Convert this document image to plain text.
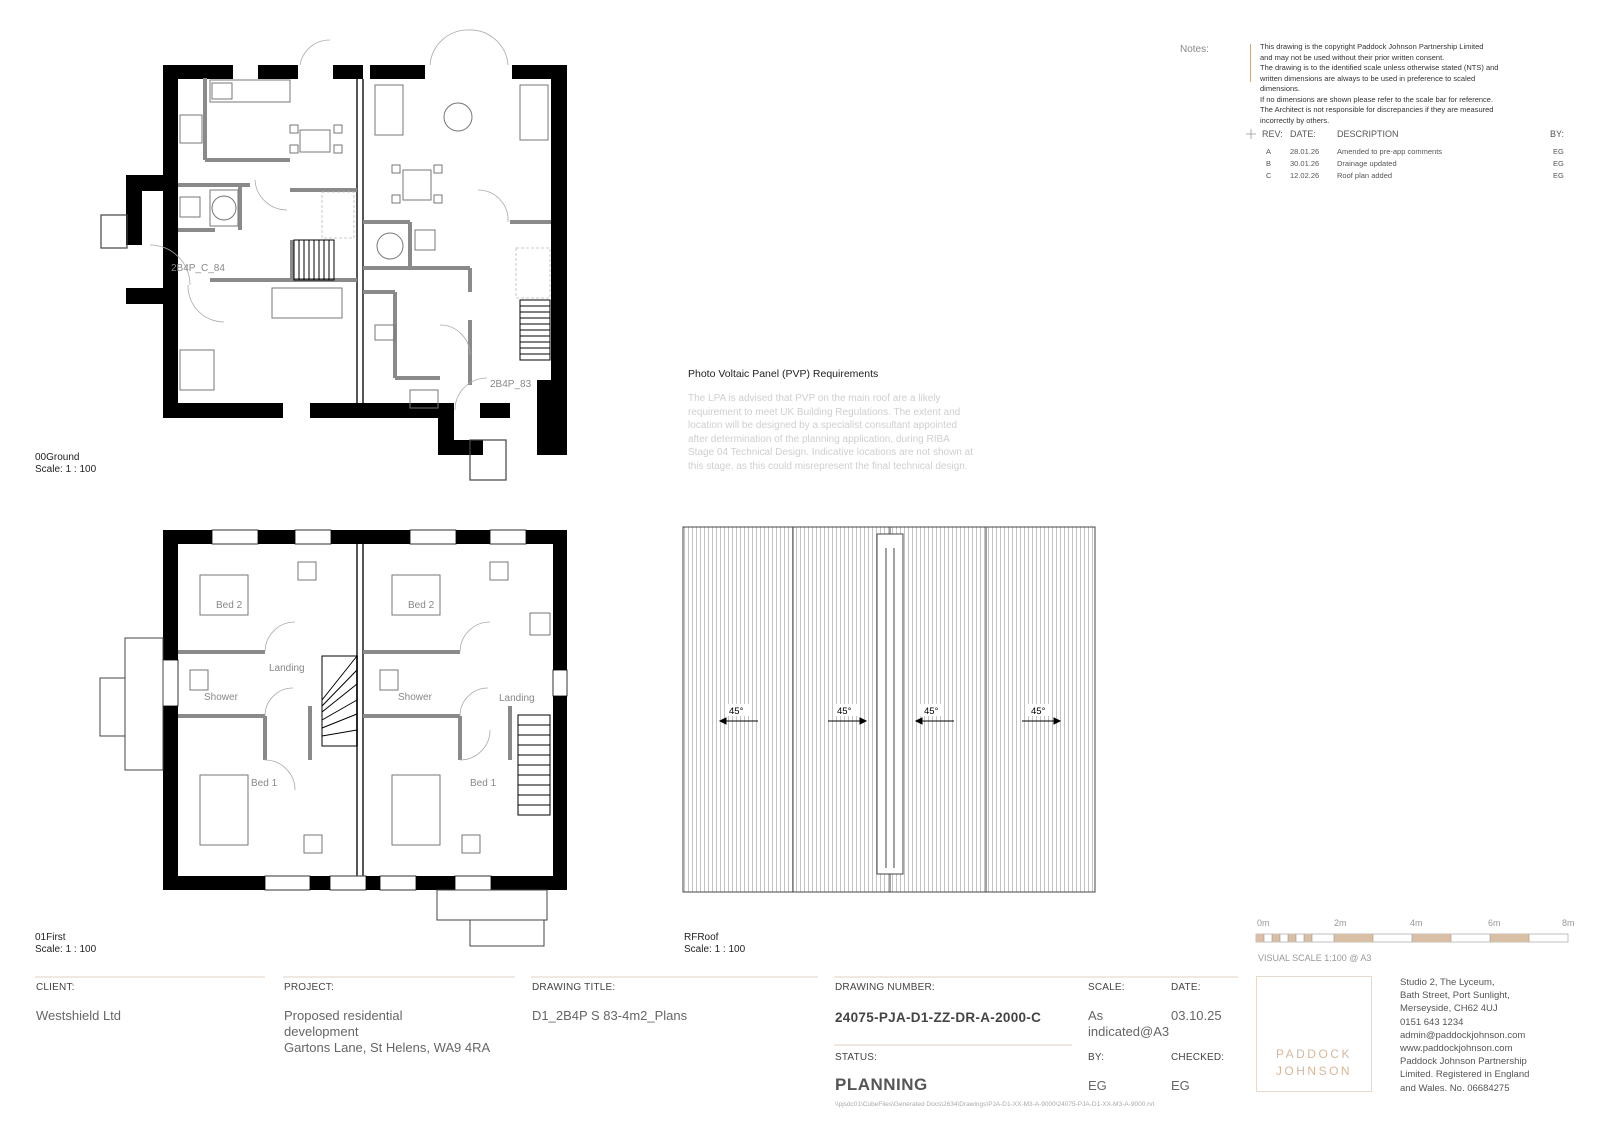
2B4P_C_84
2B4P_83
Bed 2	Bed 2
Landing
Landing
Shower	Shower
Bed 1	Bed 1
45°	45°	45°	45°
Notes:	This drawing is the copyright Paddock Johnson Partnership Limited
and may not be used without their prior written consent.
The drawing is to the identified scale unless otherwise stated (NTS) and
written dimensions are always to be used in preference to scaled
dimensions.
If no dimensions are shown please refer to the scale bar for reference.
The Architect is not responsible for discrepancies if they are measured
incorrectly by others.
REV: DATE: DESCRIPTION	BY:
A	28.01.26 Amended to pre-app comments	EG
B	30.01.26 Drainage updated	EG
C 12.02.26 Roof plan added	EG
Photo Voltaic Panel (PVP) Requirements
The LPA is advised that PVP on the main roof are a likely
requirement to meet UK Building Regulations. The extent and
location will be designed by a specialist consultant appointed
after determination of the planning application, during RIBA
Stage 04 Technical Design. Indicative locations are not shown at
this stage, as this could misrepresent the final technical design.
00Ground
Scale: 1 : 100
01First
Scale: 1 : 100
RFRoof
Scale: 1 : 100
0m	2m	4m	6m	8m
VISUAL SCALE 1:100 @ A3
CLIENT:
Westshield Ltd
PROJECT:
Proposed residential
development
Gartons Lane, St Helens, WA9 4RA
DRAWING TITLE:
D1_2B4P S 83-4m2_Plans
DRAWING NUMBER:
24075-PJA-D1-ZZ-DR-A-2000-C
SCALE:
As
indicated@A3
DATE:
03.10.25
STATUS:
PLANNING
BY:
EG
CHECKED:
EG
\\pjsdc01\CubeFiles\Generated Docs\2634\Drawings\PJA-D1-XX-M3-A-9000\24075-PJA-D1-XX-M3-A-9000.rvt
PADDOCK
JOHNSON
Studio 2, The Lyceum,
Bath Street, Port Sunlight,
Merseyside, CH62 4UJ
0151 643 1234
admin@paddockjohnson.com
www.paddockjohnson.com
Paddock Johnson Partnership
Limited. Registered in England
and Wales. No. 06684275
